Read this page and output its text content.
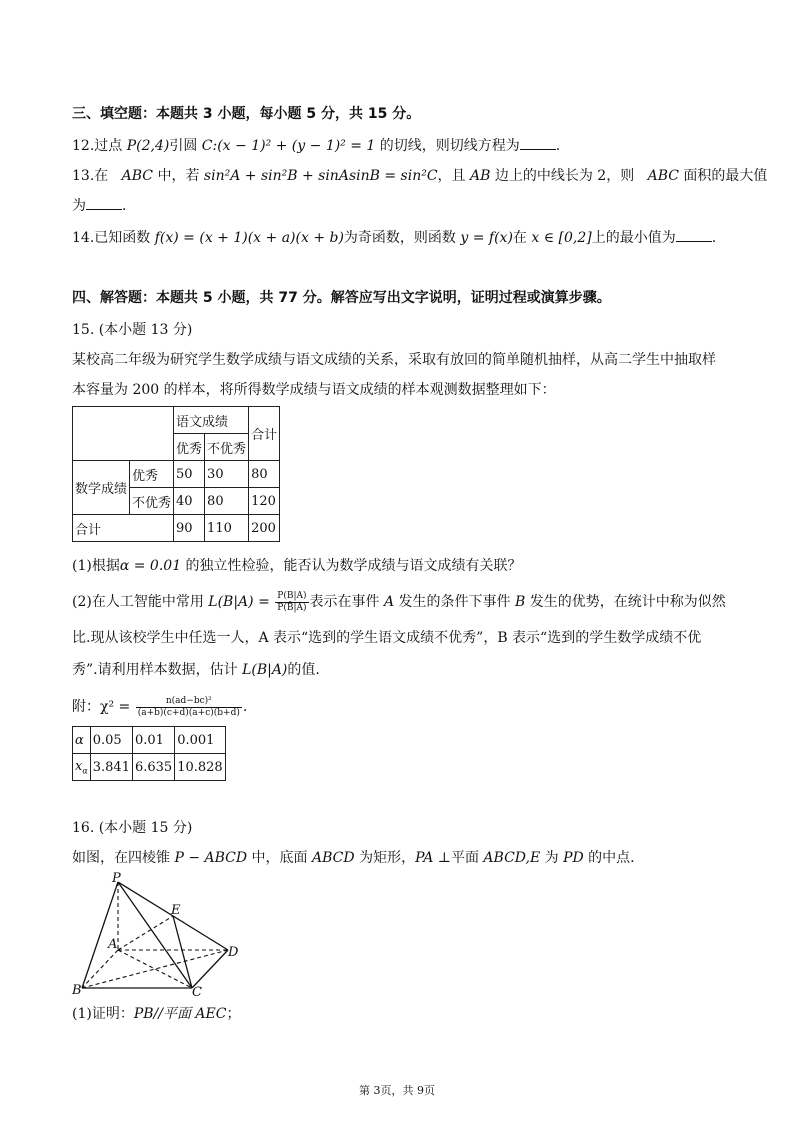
三、填空题：本题共 3 小题，每小题 5 分，共 15 分。
12.过点 P(2,4)引圆 C:(x − 1)² + (y − 1)² = 1 的切线，则切线方程为	.
13.在   ABC 中，若 sin²A + sin²B + sinAsinB = sin²C，且 AB 边上的中线长为 2，则   ABC 面积的最大值
为	.
14.已知函数 f(x) = (x + 1)(x + a)(x + b)为奇函数，则函数 y = f(x)在 x ∈ [0,2]上的最小值为	.
四、解答题：本题共 5 小题，共 77 分。解答应写出文字说明，证明过程或演算步骤。
15. (本小题 13 分)
某校高二年级为研究学生数学成绩与语文成绩的关系，采取有放回的简单随机抽样，从高二学生中抽取样
本容量为 200 的样本，将所得数学成绩与语文成绩的样本观测数据整理如下：
		语文成绩		合计
		优秀	不优秀	
数学成绩	优秀	50	30	80
	不优秀	40	80	120
合计		90	110	200
(1)根据α = 0.01 的独立性检验，能否认为数学成绩与语文成绩有关联？
(2)在人工智能中常用 $L(B|A) = \frac{P(B|A)}{P(B̄|A)}$ 表示在事件 A 发生的条件下事件 B 发生的优势，在统计中称为似然
比.现从该校学生中任选一人，A 表示“选到的学生语文成绩不优秀”，B 表示“选到的学生数学成绩不优
秀”.请利用样本数据，估计 L(B|A)的值.
附：$\chi^2 = \frac{\text{n(ad−bc)²}}{(a+b)(c+d)(a+c)(b+d)}$ .
α	0.05	0.01	0.001
$x_\alpha$	3.841	6.635	10.828
16. (本小题 15 分)
如图，在四棱锥 P − ABCD 中，底面 ABCD 为矩形，PA ⊥平面 ABCD,E 为 PD 的中点.
P
E
A
D
B	C
(1)证明：PB//平面 AEC；
第 3页，共 9页
